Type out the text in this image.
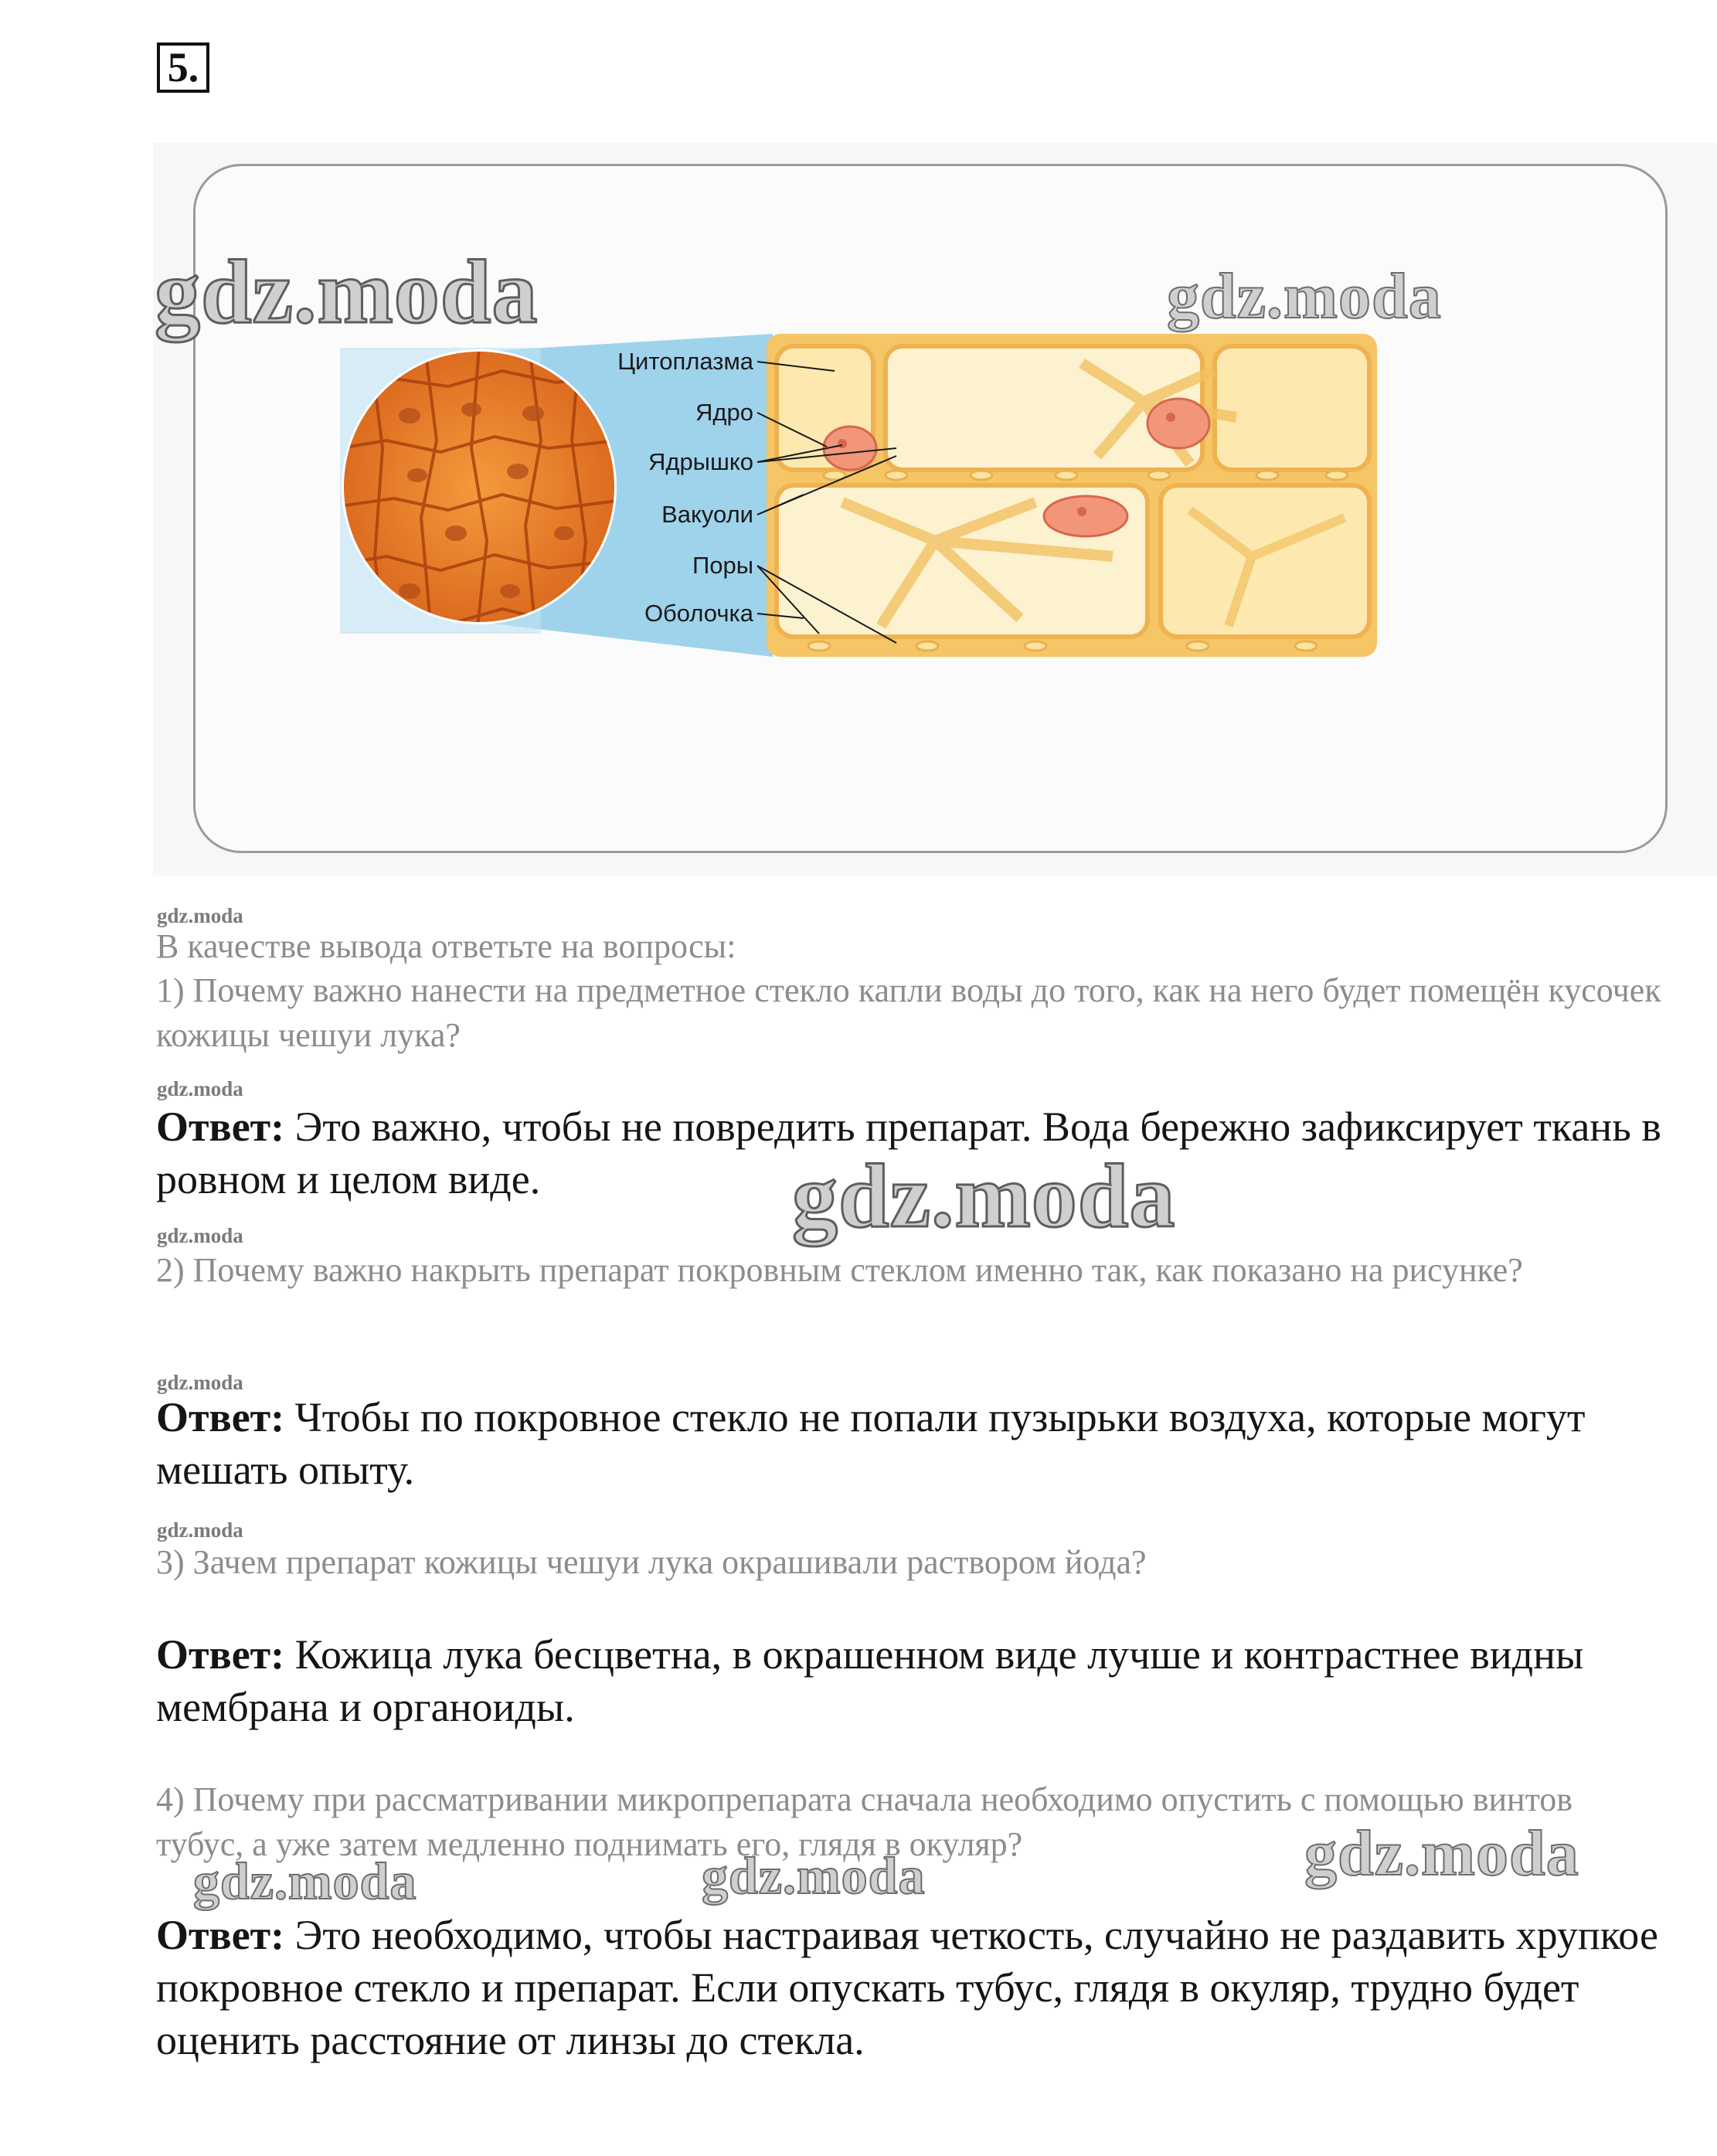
5.
Цитоплазма
Ядро
Ядрышко
Вакуоли
Поры
Оболочка
gdz.moda	gdz.moda
gdz.moda
В качестве вывода ответьте на вопросы:
1) Почему важно нанести на предметное стекло капли воды до того, как на него будет помещён кусочек кожицы чешуи лука?
gdz.moda
Ответ: Это важно, чтобы не повредить препарат. Вода бережно зафиксирует ткань в ровном и целом виде.	gdz.moda
gdz.moda
2) Почему важно накрыть препарат покровным стеклом именно так, как показано на рисунке?
gdz.moda
Ответ: Чтобы по покровное стекло не попали пузырьки воздуха, которые могут мешать опыту.
gdz.moda
3) Зачем препарат кожицы чешуи лука окрашивали раствором йода?
Ответ: Кожица лука бесцветна, в окрашенном виде лучше и контрастнее видны мембрана и органоиды.
4) Почему при рассматривании микропрепарата сначала необходимо опустить с помощью винтов тубус, а уже затем медленно поднимать его, глядя в окуляр?
gdz.moda	gdz.moda	gdz.moda
Ответ: Это необходимо, чтобы настраивая четкость, случайно не раздавить хрупкое покровное стекло и препарат. Если опускать тубус, глядя в окуляр, трудно будет оценить расстояние от линзы до стекла.
